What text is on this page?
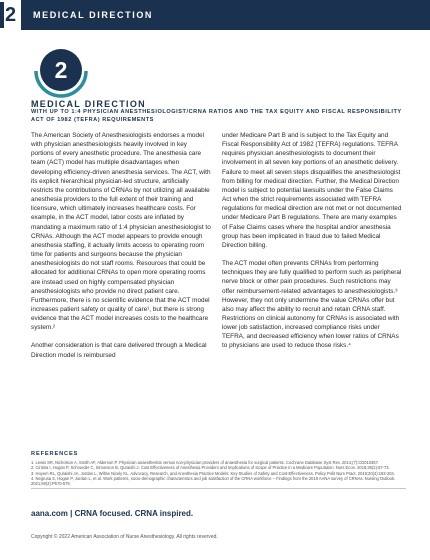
2	MEDICAL DIRECTION
2
MEDICAL DIRECTION
WITH UP TO 1:4 PHYSICIAN ANESTHESIOLOGIST/CRNA RATIOS AND THE TAX EQUITY AND FISCAL RESPONSIBILITY ACT OF 1982 (TEFRA) REQUIREMENTS

The American Society of Anesthesiologists endorses a model with physician anesthesiologists heavily involved in key portions of every anesthetic procedure. The anesthesia care team (ACT) model has multiple disadvantages when developing efficiency-driven anesthesia services. The ACT, with its explicit hierarchical physician-led structure, artificially restricts the contributions of CRNAs by not utilizing all available anesthesia providers to the full extent of their training and licensure, which ultimately increases healthcare costs. For example, in the ACT model, labor costs are inflated by mandating a maximum ratio of 1:4 physician anesthesiologist to CRNAs. Although the ACT model appears to provide enough anesthesia staffing, it actually limits access to operating room time for patients and surgeons because the physician anesthesiologists do not staff rooms. Resources that could be allocated for additional CRNAs to open more operating rooms are instead used on highly compensated physician anesthesiologists who provide no direct patient care. Furthermore, there is no scientific evidence that the ACT model increases patient safety or quality of care¹, but there is strong evidence that the ACT model increases costs to the healthcare system.²

Another consideration is that care delivered through a Medical Direction model is reimbursed

under Medicare Part B and is subject to the Tax Equity and Fiscal Responsibility Act of 1982 (TEFRA) regulations. TEFRA requires physician anesthesiologists to document their involvement in all seven key portions of an anesthetic delivery. Failure to meet all seven steps disqualifies the anesthesiologist from billing for medical direction. Further, the Medical Direction model is subject to potential lawsuits under the False Claims Act when the strict requirements associated with TEFRA regulations for medical direction are not met or not documented under Medicare Part B regulations. There are many examples of False Claims cases where the hospital and/or anesthesia group has been implicated in fraud due to failed Medical Direction billing.

The ACT model often prevents CRNAs from performing techniques they are fully qualified to perform such as peripheral nerve block or other pain procedures. Such restrictions may offer reimbursement-related advantages to anesthesiologists.³ However, they not only undermine the value CRNAs offer but also may affect the ability to recruit and retain CRNA staff. Restrictions on clinical autonomy for CRNAs is associated with lower job satisfaction, increased compliance risks under TEFRA, and decreased efficiency when lower ratios of CRNAs to physicians are used to reduce those risks.⁴

REFERENCES
1. Lewis SR, Nicholson A, Smith AF, Alderson P. Physician anaesthetists versus non-physician providers of anaesthesia for surgical patients. Cochrane Database Syst Rev. 2014;(7):CD010357.
2. Cintina I, Hogan P, Schroeder C, Simonson B, Quraishi J. Cost Effectiveness of Anesthesia Providers and Implications of Scope of Practice in a Medicare Population. Nurs Econ. 2018;36(2):67-73.
3. Hoyem RL, Quraishi JA, Jordan L, Wiltse Nicely KL. Advocacy, Research, and Anesthesia Practice Models: Key Studies of Safety and Cost-Effectiveness. Policy Polit Nurs Pract. 2019;20(4):193-204.
4. Negrusa S, Hogan P, Jordan L, et al. Work patterns, socio-demographic characteristics and job satisfaction of the CRNA workforce – Findings from the 2019 AANA survey of CRNAs. Nursing Outlook. 2021;69(3):P570-579.
aana.com | CRNA focused. CRNA inspired.
Copyright © 2022 American Association of Nurse Anesthesiology. All rights reserved.
